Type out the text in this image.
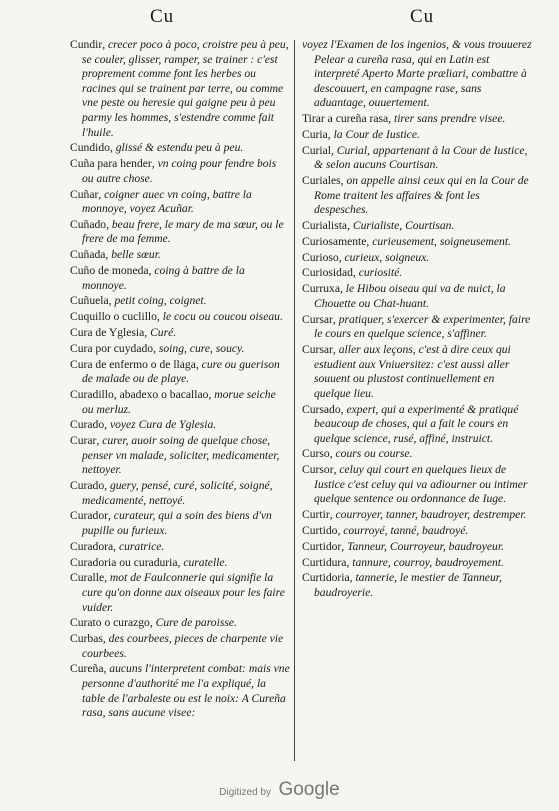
Cu	Cu

Cundir, crecer poco à poco, croistre peu à peu, se couler, glisser, ramper, se trainer : c'est proprement comme font les herbes ou racines qui se trainent par terre, ou comme vne peste ou heresie qui gaigne peu à peu parmy les hommes, s'estendre comme fait l'huile.

Cundido, glissé & estendu peu à peu.

Cuña para hender, vn coing pour fendre bois ou autre chose.

Cuñar, coigner auec vn coing, battre la monnoye, voyez Acuñar.

Cuñado, beau frere, le mary de ma sœur, ou le frere de ma femme.

Cuñada, belle sœur.

Cuño de moneda, coing à battre de la monnoye.

Cuñuela, petit coing, coignet.

Cuquillo o cuclillo, le cocu ou coucou oiseau.

Cura de Yglesia, Curé.

Cura por cuydado, soing, cure, soucy.

Cura de enfermo o de llaga, cure ou guerison de malade ou de playe.

Curadillo, abadexo o bacallao, morue seiche ou merluz.

Curado, voyez Cura de Yglesia.

Curar, curer, auoir soing de quelque chose, penser vn malade, soliciter, medicamenter, nettoyer.

Curado, guery, pensé, curé, solicité, soigné, medicamenté, nettoyé.

Curador, curateur, qui a soin des biens d'vn pupille ou furieux.

Curadora, curatrice.

Curadoria ou curaduria, curatelle.

Curalle, mot de Faulconnerie qui signifie la cure qu'on donne aux oiseaux pour les faire vuider.

Curato o curazgo, Cure de paroisse.

Curbas, des courbees, pieces de charpente vie courbees.

Cureña, aucuns l'interpretent combat: mais vne personne d'authorité me l'a expliqué, la table de l'arbaleste ou est le noix: A Cureña rasa, sans aucune visee:

voyez l'Examen de los ingenios, & vous trouuerez Pelear a cureña rasa, qui en Latin est interpreté Aperto Marte præliari, combattre à descouuert, en campagne rase, sans aduantage, ouuertement.

Tirar a cureña rasa, tirer sans prendre visee.

Curia, la Cour de Iustice.

Curial, Curial, appartenant à la Cour de Iustice, & selon aucuns Courtisan.

Curiales, on appelle ainsi ceux qui en la Cour de Rome traitent les affaires & font les despesches.

Curialista, Curialiste, Courtisan.

Curiosamente, curieusement, soigneusement.

Curioso, curieux, soigneux.

Curiosidad, curiosité.

Curruxa, le Hibou oiseau qui va de nuict, la Chouette ou Chat-huant.

Cursar, pratiquer, s'exercer & experimenter, faire le cours en quelque science, s'affiner.

Cursar, aller aux leçons, c'est à dire ceux qui estudient aux Vniuersitez: c'est aussi aller souuent ou plustost continuellement en quelque lieu.

Cursado, expert, qui a experimenté & pratiqué beaucoup de choses, qui a fait le cours en quelque science, rusé, affiné, instruict.

Curso, cours ou course.

Cursor, celuy qui court en quelques lieux de Iustice c'est celuy qui va adiourner ou intimer quelque sentence ou ordonnance de Iuge.

Curtir, courroyer, tanner, baudroyer, destremper.

Curtido, courroyé, tanné, baudroyé.

Curtidor, Tanneur, Courroyeur, baudroyeur.

Curtidura, tannure, courroy, baudroyement.

Curtidoria, tannerie, le mestier de Tanneur, baudroyerie.

Digitized by Google
